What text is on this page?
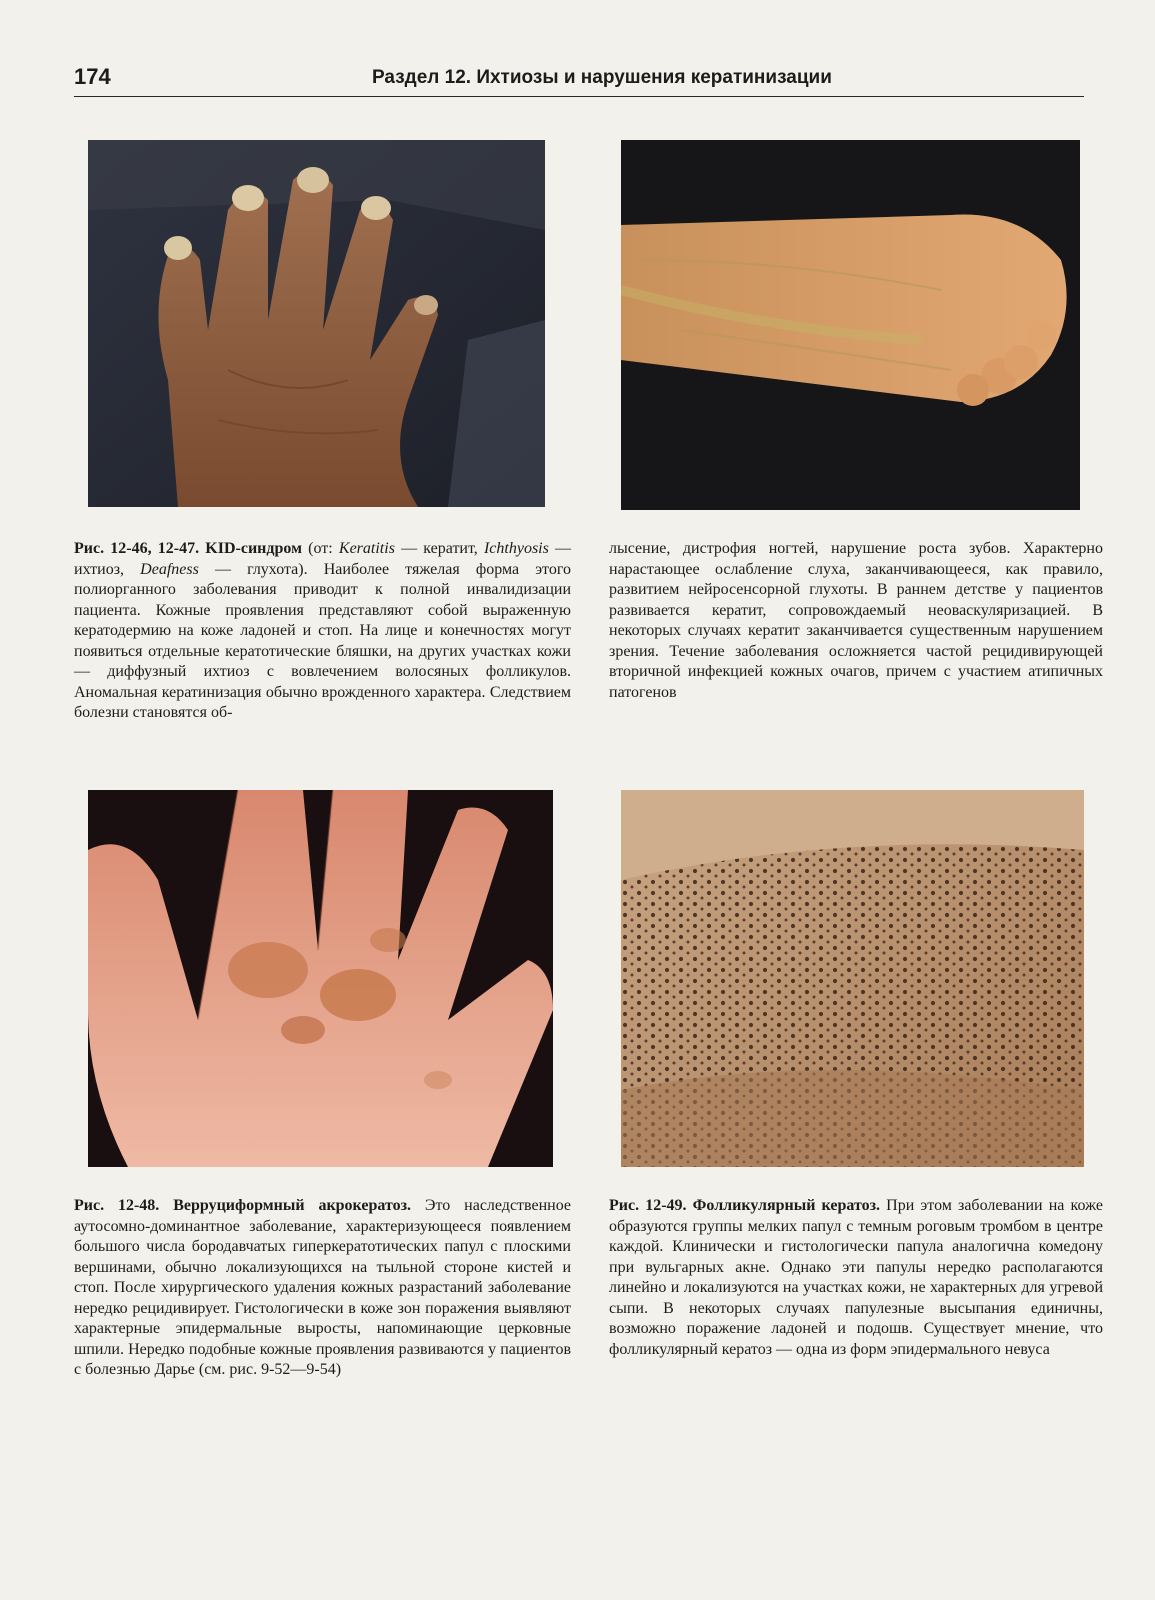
174	Раздел 12. Ихтиозы и нарушения кератинизации
Рис. 12-46, 12-47. KID-синдром (от: Keratitis — кератит, Ichthyosis — ихтиоз, Deafness — глухота). Наиболее тяжелая форма этого полиорганного заболевания приводит к полной инвалидизации пациента. Кожные проявления представляют собой выраженную кератодермию на коже ладоней и стоп. На лице и конечностях могут появиться отдельные кератотические бляшки, на других участках кожи — диффузный ихтиоз с вовлечением волосяных фолликулов. Аномальная кератинизация обычно врожденного характера. Следствием болезни становятся об-
лысение, дистрофия ногтей, нарушение роста зубов. Характерно нарастающее ослабление слуха, заканчивающееся, как правило, развитием нейросенсорной глухоты. В раннем детстве у пациентов развивается кератит, сопровождаемый неоваскуляризацией. В некоторых случаях кератит заканчивается существенным нарушением зрения. Течение заболевания осложняется частой рецидивирующей вторичной инфекцией кожных очагов, причем с участием атипичных патогенов
Рис. 12-48. Верруциформный акрокератоз. Это наследственное аутосомно-доминантное заболевание, характеризующееся появлением большого числа бородавчатых гиперкератотических папул с плоскими вершинами, обычно локализующихся на тыльной стороне кистей и стоп. После хирургического удаления кожных разрастаний заболевание нередко рецидивирует. Гистологически в коже зон поражения выявляют характерные эпидермальные выросты, напоминающие церковные шпили. Нередко подобные кожные проявления развиваются у пациентов с болезнью Дарье (см. рис. 9-52—9-54)
Рис. 12-49. Фолликулярный кератоз. При этом заболевании на коже образуются группы мелких папул с темным роговым тромбом в центре каждой. Клинически и гистологически папула аналогична комедону при вульгарных акне. Однако эти папулы нередко располагаются линейно и локализуются на участках кожи, не характерных для угревой сыпи. В некоторых случаях папулезные высыпания единичны, возможно поражение ладоней и подошв. Существует мнение, что фолликулярный кератоз — одна из форм эпидермального невуса
